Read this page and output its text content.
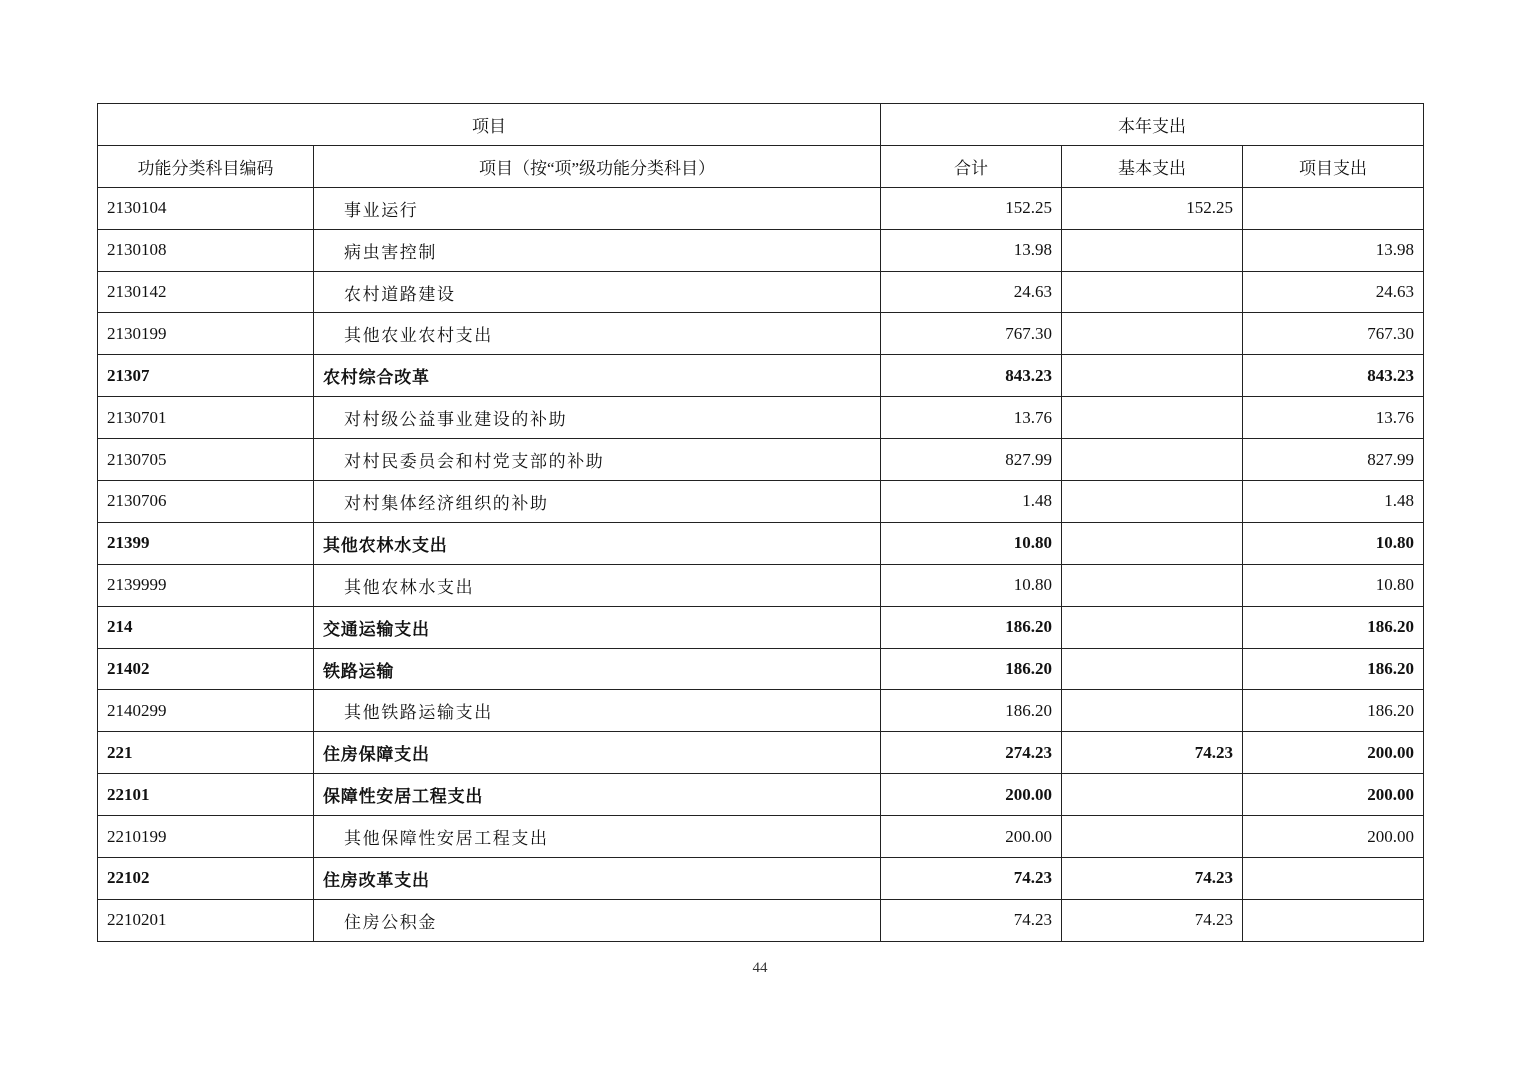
项目		本年支出		
功能分类科目编码	项目（按“项”级功能分类科目）	合计	基本支出	项目支出
2130104	事业运行	152.25	152.25	
2130108	病虫害控制	13.98		13.98
2130142	农村道路建设	24.63		24.63
2130199	其他农业农村支出	767.30		767.30
21307	农村综合改革	843.23		843.23
2130701	对村级公益事业建设的补助	13.76		13.76
2130705	对村民委员会和村党支部的补助	827.99		827.99
2130706	对村集体经济组织的补助	1.48		1.48
21399	其他农林水支出	10.80		10.80
2139999	其他农林水支出	10.80		10.80
214	交通运输支出	186.20		186.20
21402	铁路运输	186.20		186.20
2140299	其他铁路运输支出	186.20		186.20
221	住房保障支出	274.23	74.23	200.00
22101	保障性安居工程支出	200.00		200.00
2210199	其他保障性安居工程支出	200.00		200.00
22102	住房改革支出	74.23	74.23	
2210201	住房公积金	74.23	74.23	
44
